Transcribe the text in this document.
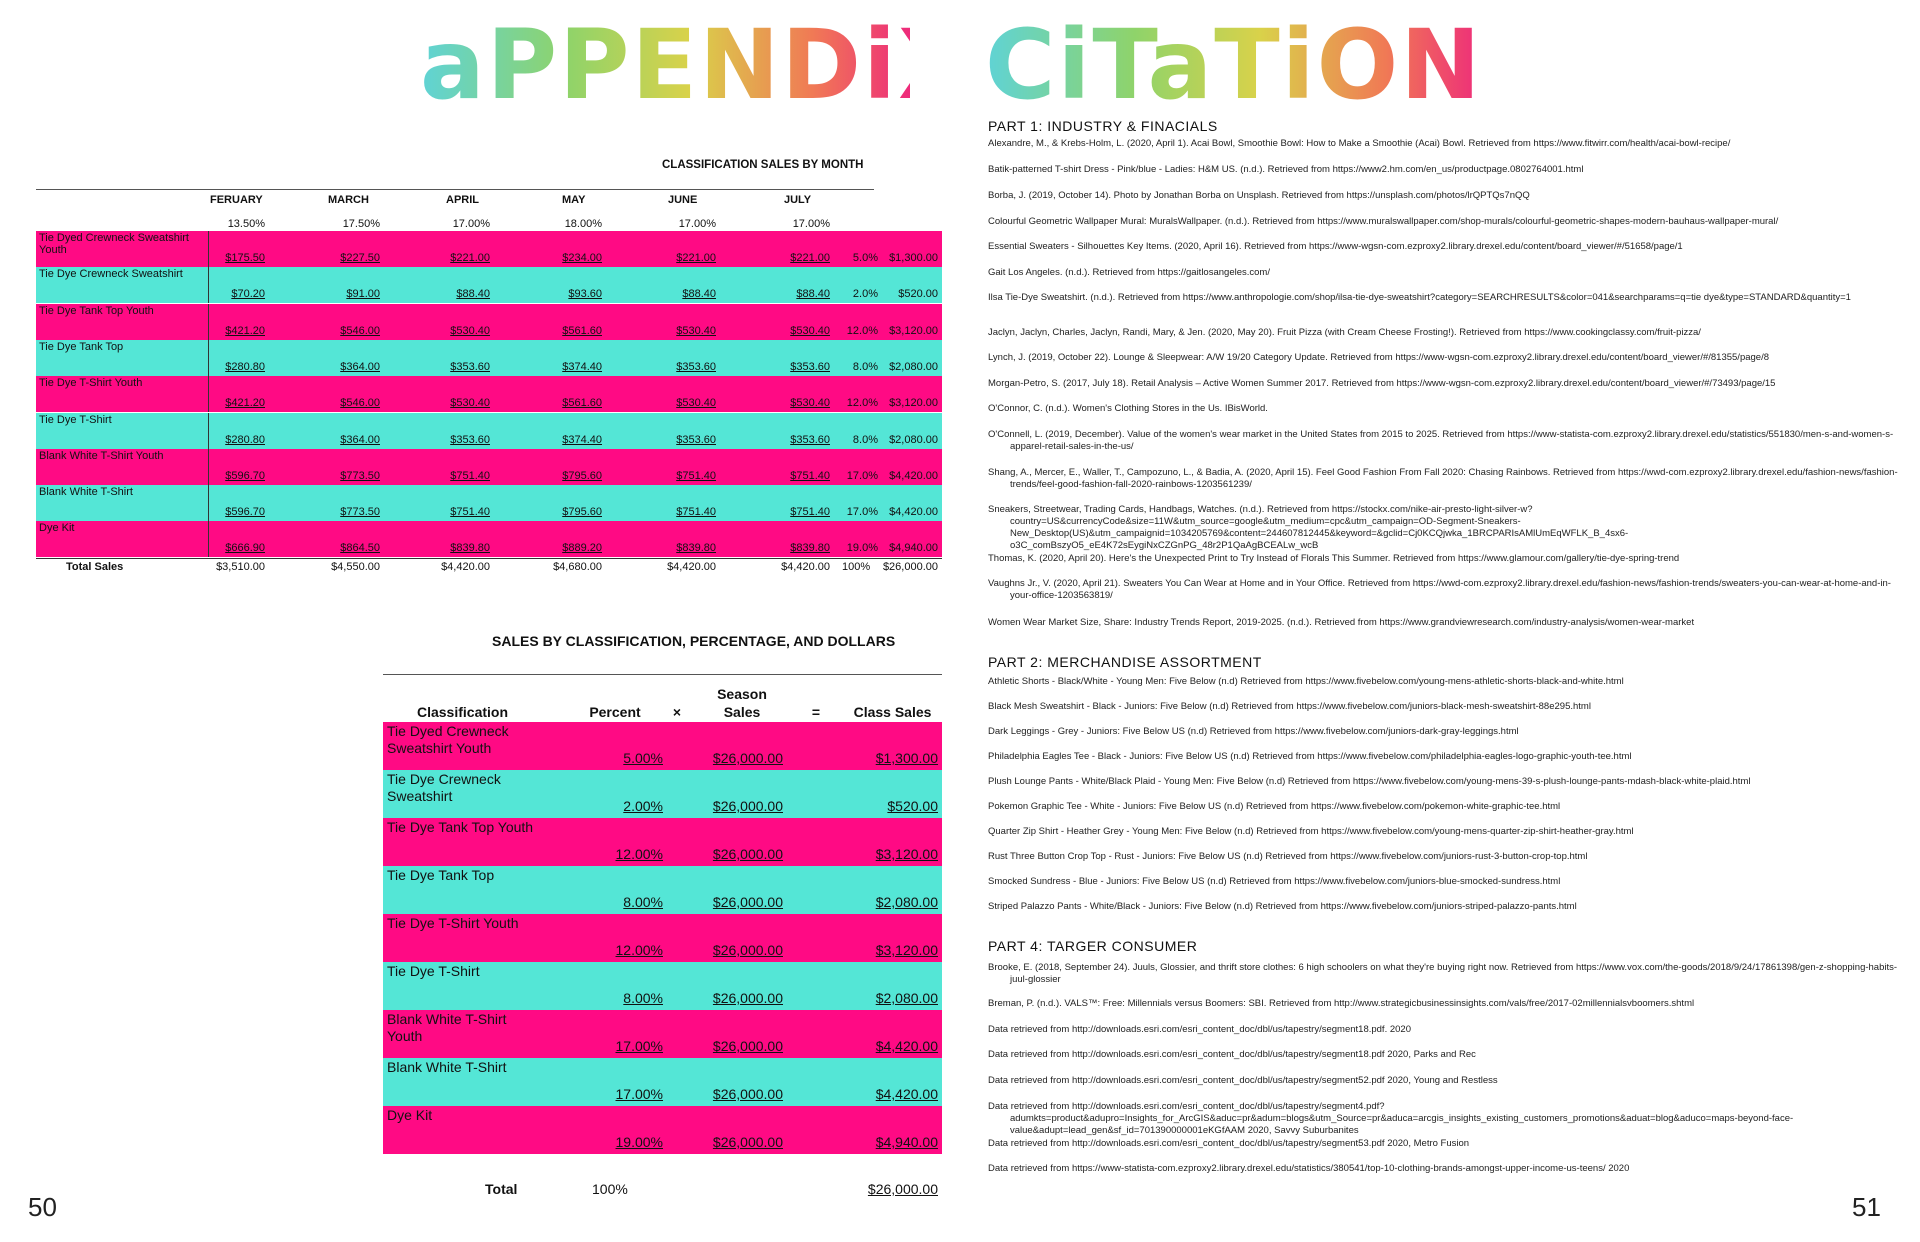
aPPENDiX CiTaTiONS
50	51
CLASSIFICATION SALES BY MONTH
FERUARY	MARCH	APRIL	MAY	JUNE	JULY
13.50%	17.50%	17.00%	18.00%	17.00%	17.00%
Tie Dyed Crewneck Sweatshirt Youth
$175.50	$227.50	$221.00	$234.00	$221.00	$221.00	5.0%	$1,300.00
Tie Dye Crewneck Sweatshirt
$70.20	$91.00	$88.40	$93.60	$88.40	$88.40	2.0%	$520.00
Tie Dye Tank Top Youth
$421.20	$546.00	$530.40	$561.60	$530.40	$530.40	12.0%	$3,120.00
Tie Dye Tank Top
$280.80	$364.00	$353.60	$374.40	$353.60	$353.60	8.0%	$2,080.00
Tie Dye T-Shirt Youth
$421.20	$546.00	$530.40	$561.60	$530.40	$530.40	12.0%	$3,120.00
Tie Dye T-Shirt
$280.80	$364.00	$353.60	$374.40	$353.60	$353.60	8.0%	$2,080.00
Blank White T-Shirt Youth
$596.70	$773.50	$751.40	$795.60	$751.40	$751.40	17.0%	$4,420.00
Blank White T-Shirt
$596.70	$773.50	$751.40	$795.60	$751.40	$751.40	17.0%	$4,420.00
Dye Kit
$666.90	$864.50	$839.80	$889.20	$839.80	$839.80	19.0%	$4,940.00
Total Sales	$3,510.00	$4,550.00	$4,420.00	$4,680.00	$4,420.00	$4,420.00 100%	$26,000.00
SALES BY CLASSIFICATION, PERCENTAGE, AND DOLLARS
Classification	Percent	×
Season
Sales	=	Class Sales
Tie Dyed Crewneck Sweatshirt Youth
5.00%	$26,000.00	$1,300.00
Tie Dye Crewneck Sweatshirt
2.00%	$26,000.00	$520.00
Tie Dye Tank Top Youth
12.00%	$26,000.00	$3,120.00
Tie Dye Tank Top
8.00%	$26,000.00	$2,080.00
Tie Dye T-Shirt Youth
12.00%	$26,000.00	$3,120.00
Tie Dye T-Shirt
8.00%	$26,000.00	$2,080.00
Blank White T-Shirt Youth
17.00%	$26,000.00	$4,420.00
Blank White T-Shirt
17.00%	$26,000.00	$4,420.00
Dye Kit
19.00%	$26,000.00	$4,940.00
Total	100%	$26,000.00
PART 1: INDUSTRY & FINACIALS
Alexandre, M., & Krebs-Holm, L. (2020, April 1). Acai Bowl, Smoothie Bowl: How to Make a Smoothie (Acai) Bowl. Retrieved from https://www.fitwirr.com/health/acai-bowl-recipe/
Batik-patterned T-shirt Dress - Pink/blue - Ladies: H&M US. (n.d.). Retrieved from https://www2.hm.com/en_us/productpage.0802764001.html
Borba, J. (2019, October 14). Photo by Jonathan Borba on Unsplash. Retrieved from https://unsplash.com/photos/lrQPTQs7nQQ
Colourful Geometric Wallpaper Mural: MuralsWallpaper. (n.d.). Retrieved from https://www.muralswallpaper.com/shop-murals/colourful-geometric-shapes-modern-bauhaus-wallpaper-mural/
Essential Sweaters - Silhouettes Key Items. (2020, April 16). Retrieved from https://www-wgsn-com.ezproxy2.library.drexel.edu/content/board_viewer/#/51658/page/1
Gait Los Angeles. (n.d.). Retrieved from https://gaitlosangeles.com/
Ilsa Tie-Dye Sweatshirt. (n.d.). Retrieved from https://www.anthropologie.com/shop/ilsa-tie-dye-sweatshirt?category=SEARCHRESULTS&color=041&searchparams=q=tie dye&type=STANDARD&quantity=1
Jaclyn, Jaclyn, Charles, Jaclyn, Randi, Mary, & Jen. (2020, May 20). Fruit Pizza (with Cream Cheese Frosting!). Retrieved from https://www.cookingclassy.com/fruit-pizza/
Lynch, J. (2019, October 22). Lounge & Sleepwear: A/W 19/20 Category Update. Retrieved from https://www-wgsn-com.ezproxy2.library.drexel.edu/content/board_viewer/#/81355/page/8
Morgan-Petro, S. (2017, July 18). Retail Analysis – Active Women Summer 2017. Retrieved from https://www-wgsn-com.ezproxy2.library.drexel.edu/content/board_viewer/#/73493/page/15
O'Connor, C. (n.d.). Women's Clothing Stores in the Us. IBisWorld.
O'Connell, L. (2019, December). Value of the women's wear market in the United States from 2015 to 2025. Retrieved from https://www-statista-com.ezproxy2.library.drexel.edu/statistics/551830/men-s-and-women-s-apparel-retail-sales-in-the-us/
Shang, A., Mercer, E., Waller, T., Campozuno, L., & Badia, A. (2020, April 15). Feel Good Fashion From Fall 2020: Chasing Rainbows. Retrieved from https://wwd-com.ezproxy2.library.drexel.edu/fashion-news/fashion-trends/feel-good-fashion-fall-2020-rainbows-1203561239/
Sneakers, Streetwear, Trading Cards, Handbags, Watches. (n.d.). Retrieved from https://stockx.com/nike-air-presto-light-silver-w?country=US&currencyCode&size=11W&utm_source=google&utm_medium=cpc&utm_campaign=OD-Segment-Sneakers-New_Desktop(US)&utm_campaignid=1034205769&content=244607812445&keyword=&gclid=Cj0KCQjwka_1BRCPARIsAMlUmEqWFLK_B_4sx6-o3C_comBszyO5_eE4K72sEygiNxCZGnPG_48r2P1QaAgBCEALw_wcB
Thomas, K. (2020, April 20). Here's the Unexpected Print to Try Instead of Florals This Summer. Retrieved from https://www.glamour.com/gallery/tie-dye-spring-trend
Vaughns Jr., V. (2020, April 21). Sweaters You Can Wear at Home and in Your Office. Retrieved from https://wwd-com.ezproxy2.library.drexel.edu/fashion-news/fashion-trends/sweaters-you-can-wear-at-home-and-in-your-office-1203563819/
Women Wear Market Size, Share: Industry Trends Report, 2019-2025. (n.d.). Retrieved from https://www.grandviewresearch.com/industry-analysis/women-wear-market
PART 2: MERCHANDISE ASSORTMENT
Athletic Shorts - Black/White - Young Men: Five Below (n.d) Retrieved from https://www.fivebelow.com/young-mens-athletic-shorts-black-and-white.html
Black Mesh Sweatshirt - Black - Juniors: Five Below (n.d) Retrieved from https://www.fivebelow.com/juniors-black-mesh-sweatshirt-88e295.html
Dark Leggings - Grey - Juniors: Five Below US (n.d) Retrieved from https://www.fivebelow.com/juniors-dark-gray-leggings.html
Philadelphia Eagles Tee - Black - Juniors: Five Below US (n.d) Retrieved from https://www.fivebelow.com/philadelphia-eagles-logo-graphic-youth-tee.html
Plush Lounge Pants - White/Black Plaid - Young Men: Five Below (n.d) Retrieved from https://www.fivebelow.com/young-mens-39-s-plush-lounge-pants-mdash-black-white-plaid.html
Pokemon Graphic Tee - White - Juniors: Five Below US (n.d) Retrieved from https://www.fivebelow.com/pokemon-white-graphic-tee.html
Quarter Zip Shirt - Heather Grey - Young Men: Five Below (n.d) Retrieved from https://www.fivebelow.com/young-mens-quarter-zip-shirt-heather-gray.html
Rust Three Button Crop Top - Rust - Juniors: Five Below US (n.d) Retrieved from https://www.fivebelow.com/juniors-rust-3-button-crop-top.html
Smocked Sundress - Blue - Juniors: Five Below US (n.d) Retrieved from https://www.fivebelow.com/juniors-blue-smocked-sundress.html
Striped Palazzo Pants - White/Black - Juniors: Five Below (n.d) Retrieved from https://www.fivebelow.com/juniors-striped-palazzo-pants.html
PART 4: TARGER CONSUMER
Brooke, E. (2018, September 24). Juuls, Glossier, and thrift store clothes: 6 high schoolers on what they're buying right now. Retrieved from https://www.vox.com/the-goods/2018/9/24/17861398/gen-z-shopping-habits-juul-glossier
Breman, P. (n.d.). VALS™: Free: Millennials versus Boomers: SBI. Retrieved from http://www.strategicbusinessinsights.com/vals/free/2017-02millennialsvboomers.shtml
Data retrieved from http://downloads.esri.com/esri_content_doc/dbl/us/tapestry/segment18.pdf. 2020
Data retrieved from http://downloads.esri.com/esri_content_doc/dbl/us/tapestry/segment18.pdf 2020, Parks and Rec
Data retrieved from http://downloads.esri.com/esri_content_doc/dbl/us/tapestry/segment52.pdf 2020, Young and Restless
Data retrieved from http://downloads.esri.com/esri_content_doc/dbl/us/tapestry/segment4.pdf?adumkts=product&adupro=Insights_for_ArcGIS&aduc=pr&adum=blogs&utm_Source=pr&aduca=arcgis_insights_existing_customers_promotions&aduat=blog&aduco=maps-beyond-face-value&adupt=lead_gen&sf_id=701390000001eKGfAAM 2020, Savvy Suburbanites
Data retrieved from http://downloads.esri.com/esri_content_doc/dbl/us/tapestry/segment53.pdf 2020, Metro Fusion
Data retrieved from https://www-statista-com.ezproxy2.library.drexel.edu/statistics/380541/top-10-clothing-brands-amongst-upper-income-us-teens/ 2020
